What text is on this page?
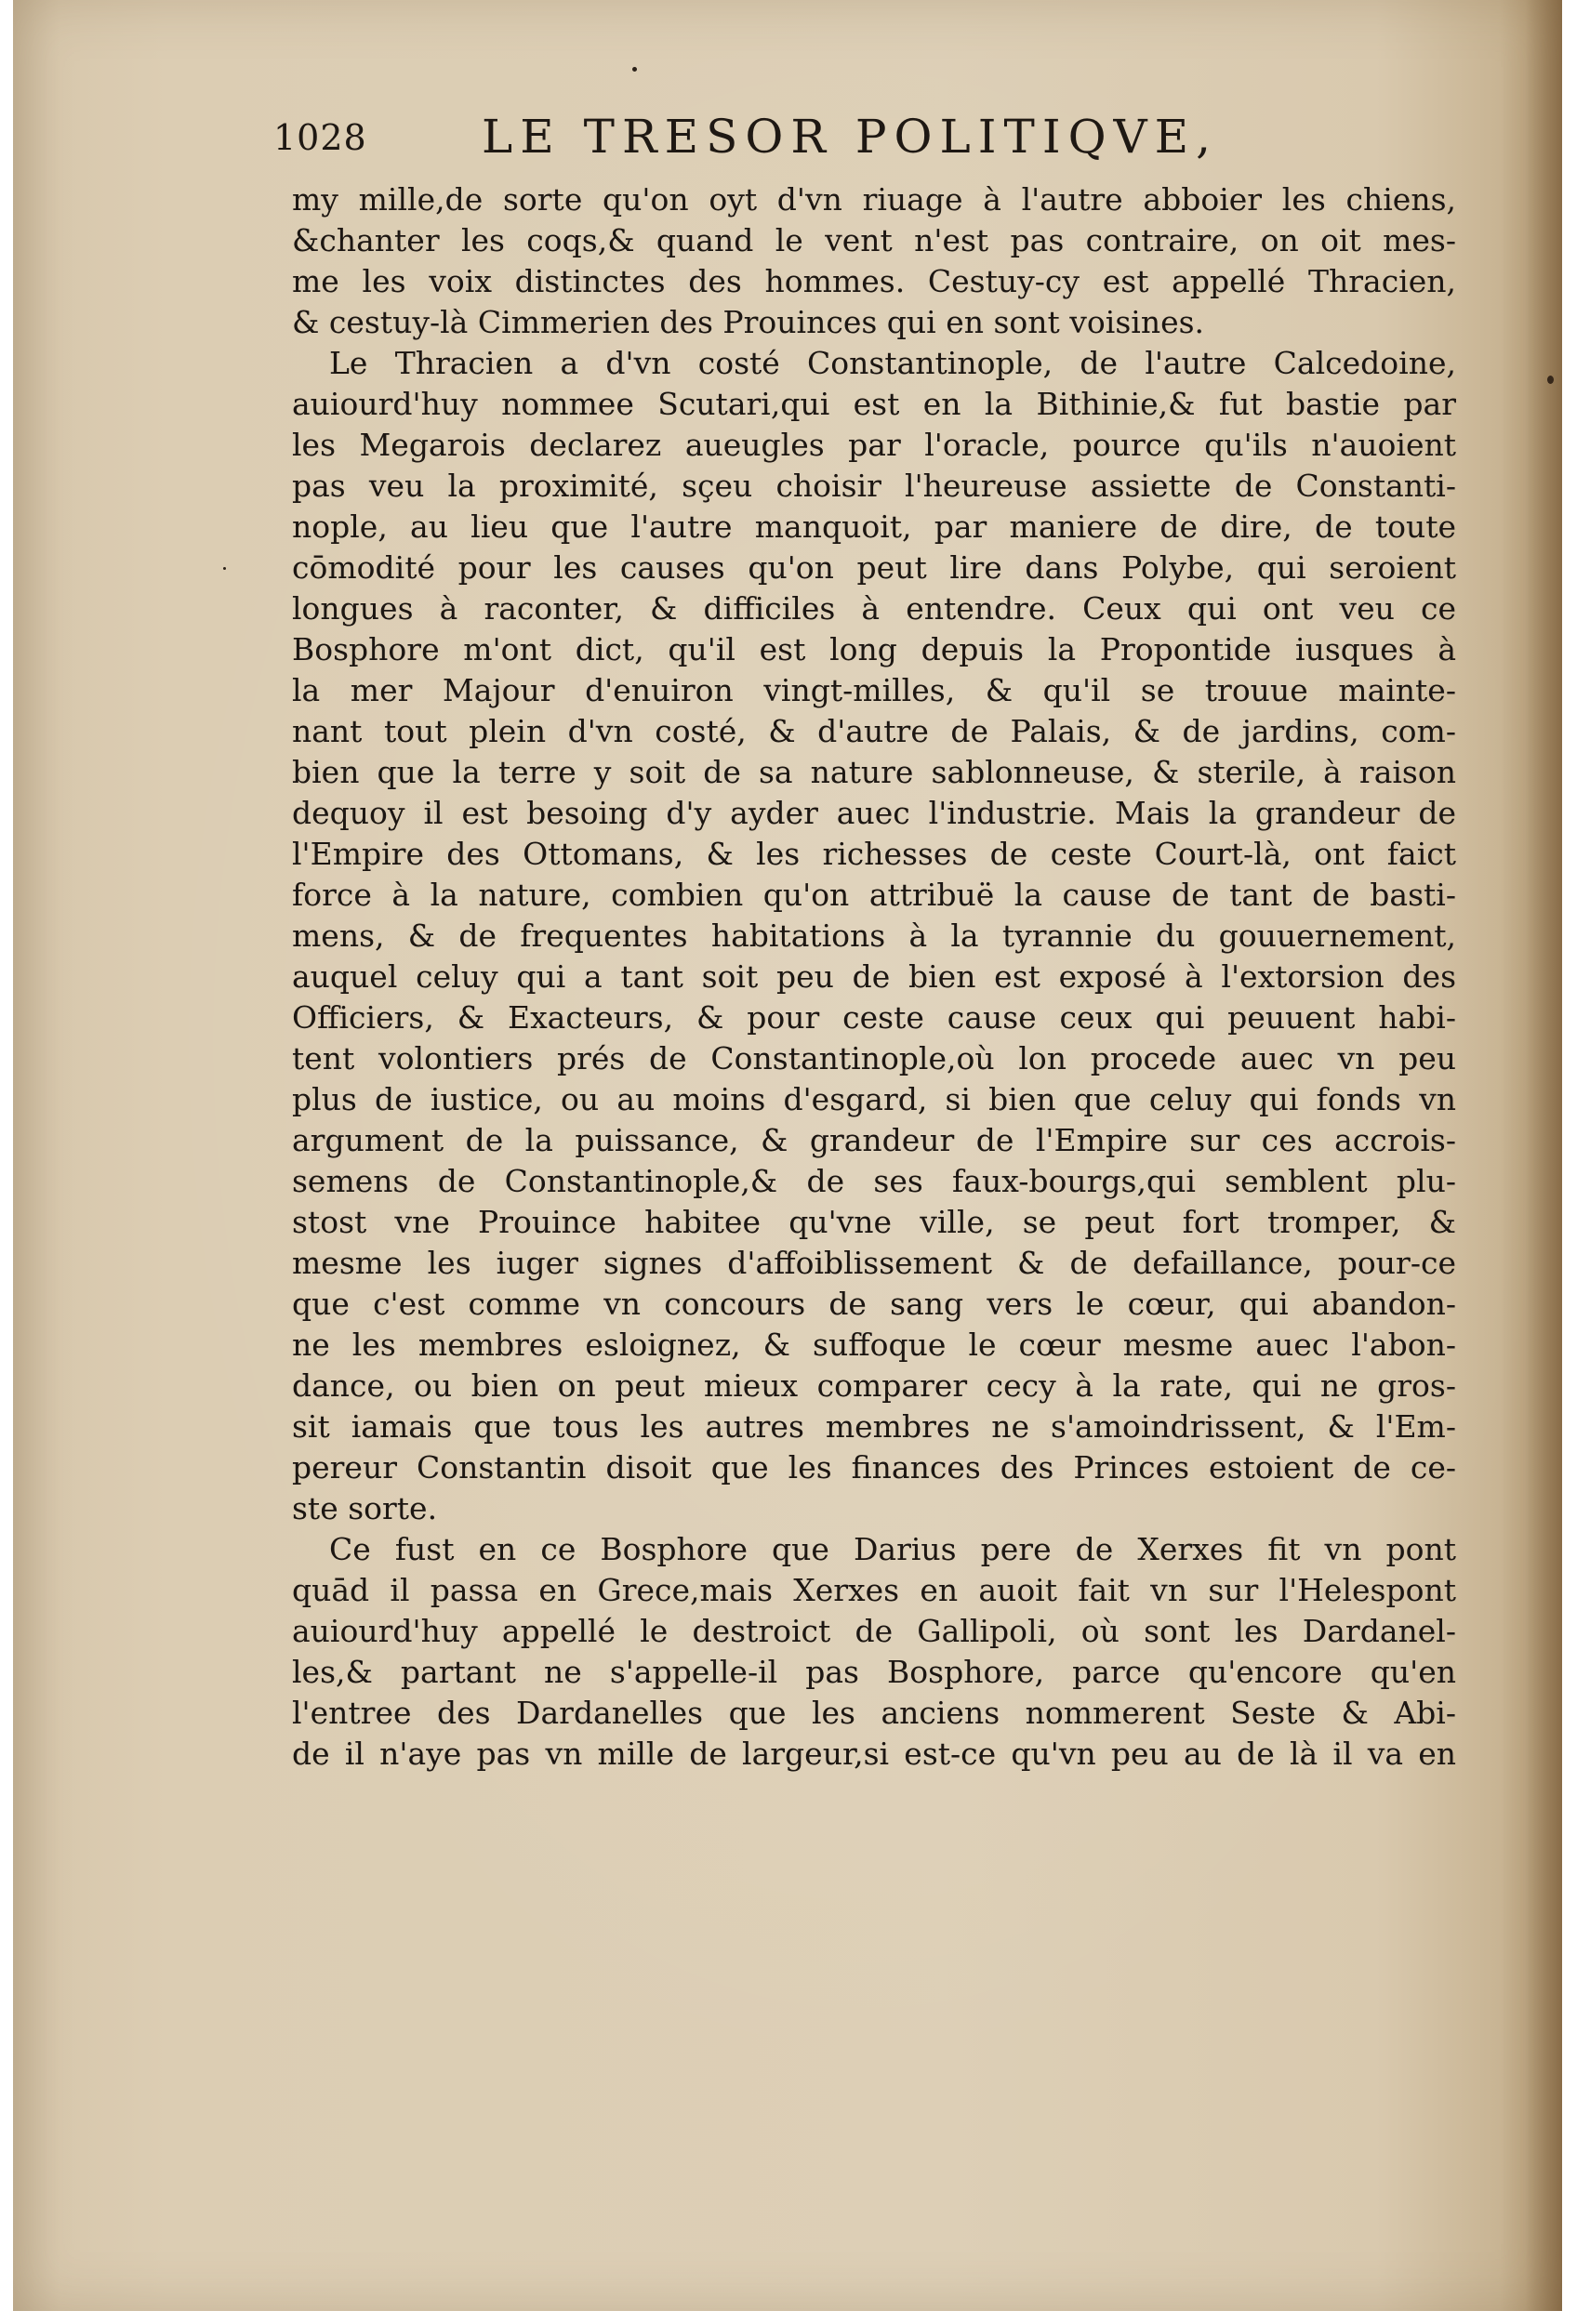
1028 LE TRESOR POLITIQVE,
my mille,de sorte qu'on oyt d'vn riuage à l'autre abboier les chiens,
&chanter les coqs,& quand le vent n'est pas contraire, on oit mes-
me les voix distinctes des hommes. Cestuy-cy est appellé Thracien,
& cestuy-là Cimmerien des Prouinces qui en sont voisines.
Le Thracien a d'vn costé Constantinople, de l'autre Calcedoine,
auiourd'huy nommee Scutari,qui est en la Bithinie,& fut bastie par
les Megarois declarez aueugles par l'oracle, pource qu'ils n'auoient
pas veu la proximité, sçeu choisir l'heureuse assiette de Constanti-
nople, au lieu que l'autre manquoit, par maniere de dire, de toute
cōmodité pour les causes qu'on peut lire dans Polybe, qui seroient
longues à raconter, & difficiles à entendre. Ceux qui ont veu ce
Bosphore m'ont dict, qu'il est long depuis la Propontide iusques à
la mer Majour d'enuiron vingt-milles, & qu'il se trouue mainte-
nant tout plein d'vn costé, & d'autre de Palais, & de jardins, com-
bien que la terre y soit de sa nature sablonneuse, & sterile, à raison
dequoy il est besoing d'y ayder auec l'industrie. Mais la grandeur de
l'Empire des Ottomans, & les richesses de ceste Court-là, ont faict
force à la nature, combien qu'on attribuë la cause de tant de basti-
mens, & de frequentes habitations à la tyrannie du gouuernement,
auquel celuy qui a tant soit peu de bien est exposé à l'extorsion des
Officiers, & Exacteurs, & pour ceste cause ceux qui peuuent habi-
tent volontiers prés de Constantinople,où lon procede auec vn peu
plus de iustice, ou au moins d'esgard, si bien que celuy qui fonds vn
argument de la puissance, & grandeur de l'Empire sur ces accrois-
semens de Constantinople,& de ses faux-bourgs,qui semblent plu-
stost vne Prouince habitee qu'vne ville, se peut fort tromper, &
mesme les iuger signes d'affoiblissement & de defaillance, pour-ce
que c'est comme vn concours de sang vers le cœur, qui abandon-
ne les membres esloignez, & suffoque le cœur mesme auec l'abon-
dance, ou bien on peut mieux comparer cecy à la rate, qui ne gros-
sit iamais que tous les autres membres ne s'amoindrissent, & l'Em-
pereur Constantin disoit que les finances des Princes estoient de ce-
ste sorte.
Ce fust en ce Bosphore que Darius pere de Xerxes fit vn pont
quād il passa en Grece,mais Xerxes en auoit fait vn sur l'Helespont
auiourd'huy appellé le destroict de Gallipoli, où sont les Dardanel-
les,& partant ne s'appelle-il pas Bosphore, parce qu'encore qu'en
l'entree des Dardanelles que les anciens nommerent Seste & Abi-
de il n'aye pas vn mille de largeur,si est-ce qu'vn peu au de là il va en
